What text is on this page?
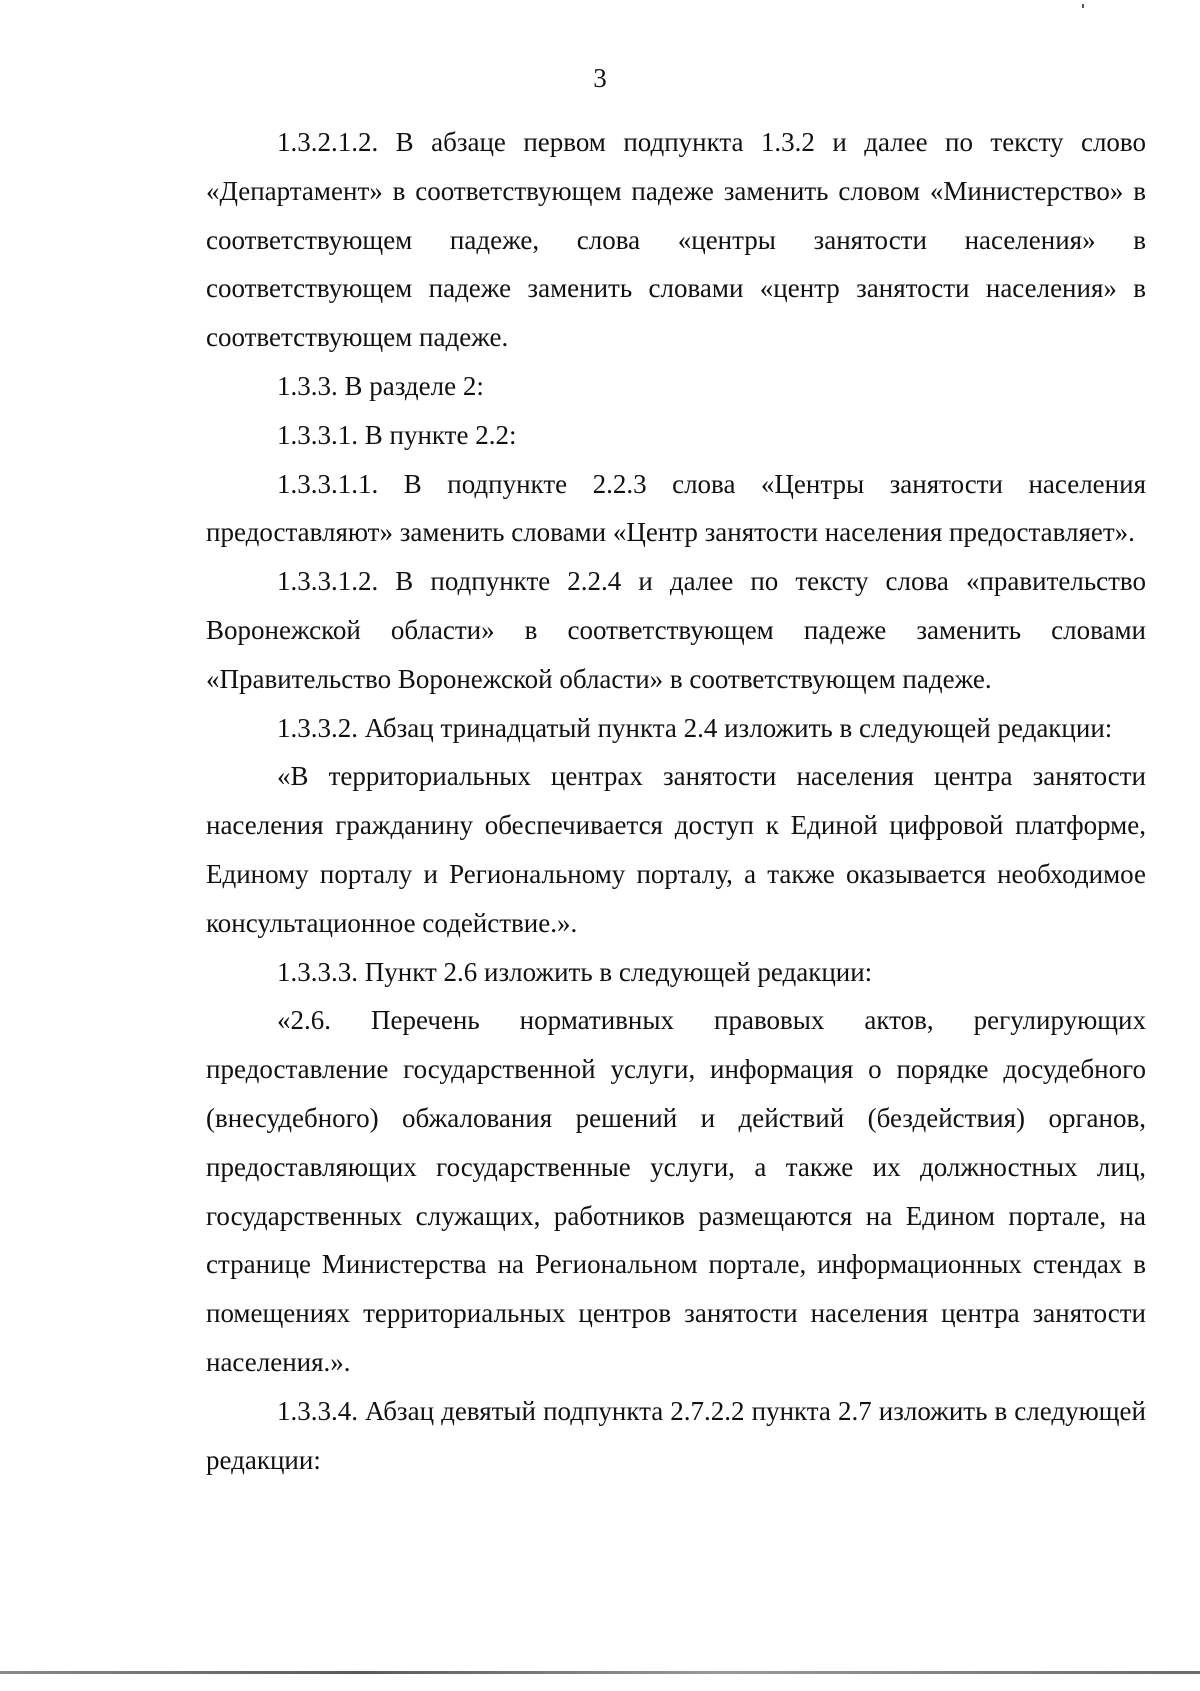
3

1.3.2.1.2. В абзаце первом подпункта 1.3.2 и далее по тексту слово «Департамент» в соответствующем падеже заменить словом «Министерство» в соответствующем падеже, слова «центры занятости населения» в соответствующем падеже заменить словами «центр занятости населения» в соответствующем падеже.

1.3.3. В разделе 2:

1.3.3.1. В пункте 2.2:

1.3.3.1.1. В подпункте 2.2.3 слова «Центры занятости населения предоставляют» заменить словами «Центр занятости населения предоставляет».

1.3.3.1.2. В подпункте 2.2.4 и далее по тексту слова «правительство Воронежской области» в соответствующем падеже заменить словами «Правительство Воронежской области» в соответствующем падеже.

1.3.3.2. Абзац тринадцатый пункта 2.4 изложить в следующей редакции:

«В территориальных центрах занятости населения центра занятости населения гражданину обеспечивается доступ к Единой цифровой платформе, Единому порталу и Региональному порталу, а также оказывается необходимое консультационное содействие.».

1.3.3.3. Пункт 2.6 изложить в следующей редакции:

«2.6. Перечень нормативных правовых актов, регулирующих предоставление государственной услуги, информация о порядке досудебного (внесудебного) обжалования решений и действий (бездействия) органов, предоставляющих государственные услуги, а также их должностных лиц, государственных служащих, работников размещаются на Едином портале, на странице Министерства на Региональном портале, информационных стендах в помещениях территориальных центров занятости населения центра занятости населения.».

1.3.3.4. Абзац девятый подпункта 2.7.2.2 пункта 2.7 изложить в следующей редакции:
